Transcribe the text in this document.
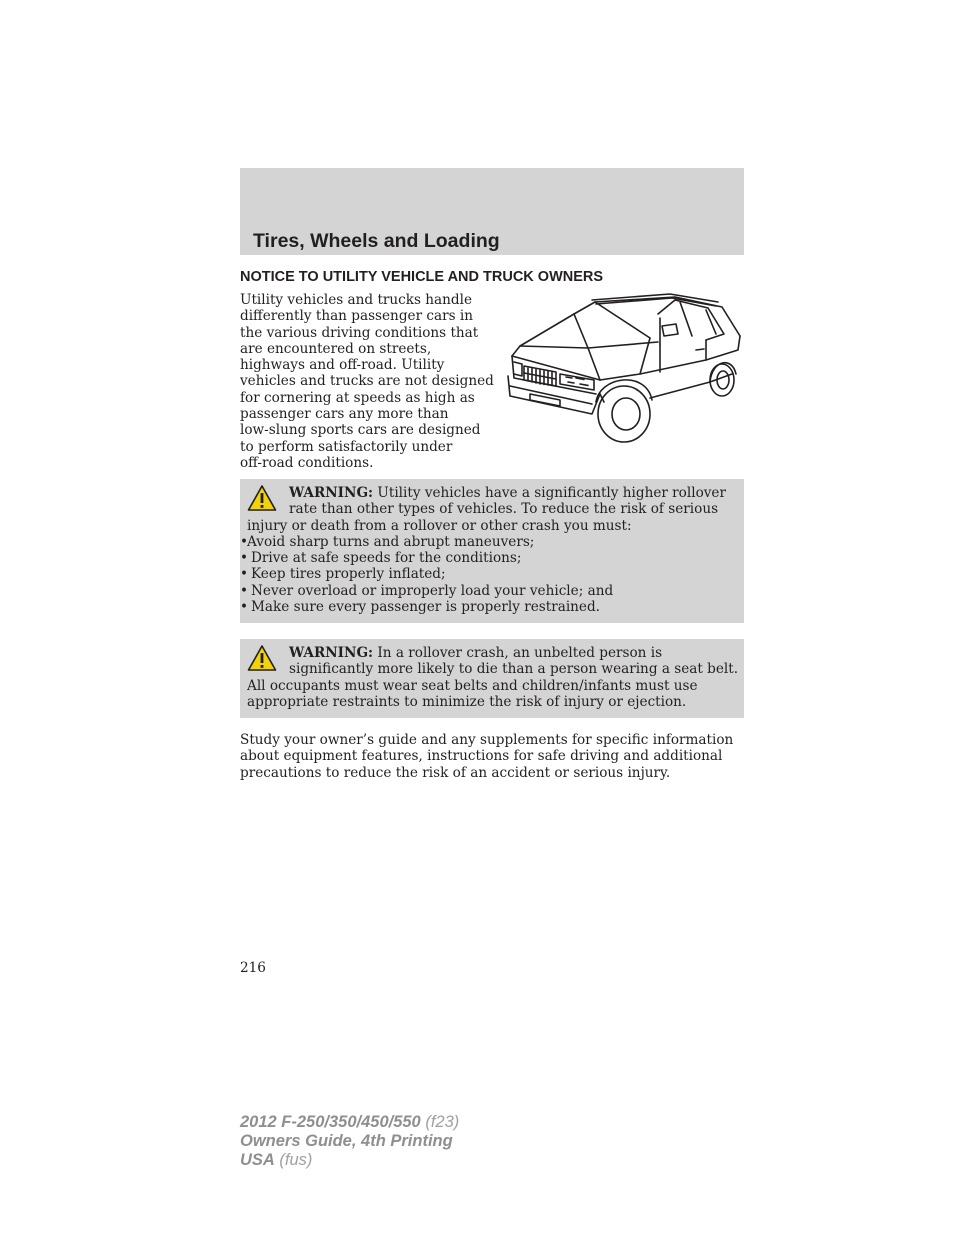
Tires, Wheels and Loading
NOTICE TO UTILITY VEHICLE AND TRUCK OWNERS

Utility vehicles and trucks handle
differently than passenger cars in
the various driving conditions that
are encountered on streets,
highways and off-road. Utility
vehicles and trucks are not designed
for cornering at speeds as high as
passenger cars any more than
low-slung sports cars are designed
to perform satisfactorily under
off-road conditions.

WARNING: Utility vehicles have a significantly higher rollover
rate than other types of vehicles. To reduce the risk of serious
injury or death from a rollover or other crash you must:

• Avoid sharp turns and abrupt maneuvers;
• Drive at safe speeds for the conditions;
• Keep tires properly inflated;
• Never overload or improperly load your vehicle; and
• Make sure every passenger is properly restrained.

WARNING: In a rollover crash, an unbelted person is
significantly more likely to die than a person wearing a seat belt.
All occupants must wear seat belts and children/infants must use
appropriate restraints to minimize the risk of injury or ejection.

Study your owner’s guide and any supplements for specific information
about equipment features, instructions for safe driving and additional
precautions to reduce the risk of an accident or serious injury.

216

2012 F-250/350/450/550 (f23)
Owners Guide, 4th Printing
USA (fus)
